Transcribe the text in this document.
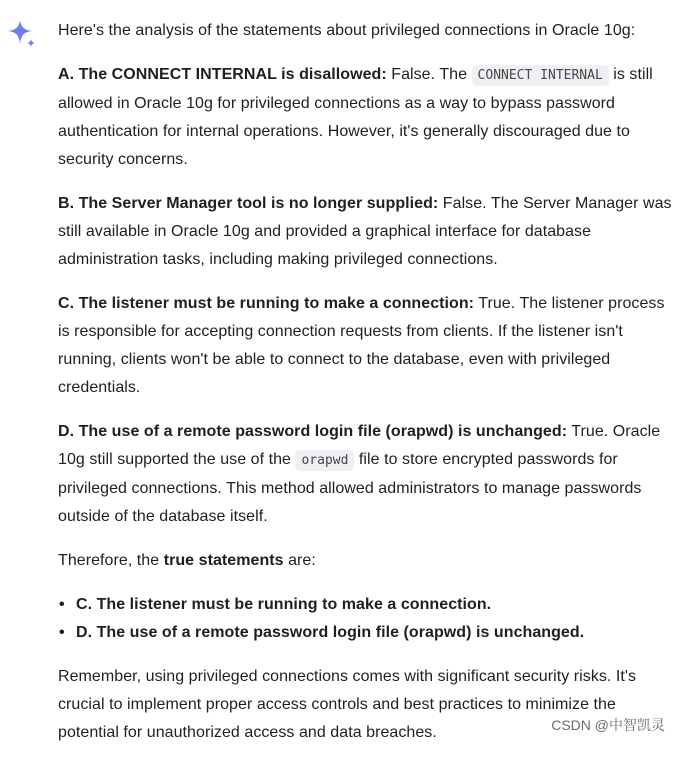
Here's the analysis of the statements about privileged connections in Oracle 10g:

A. The CONNECT INTERNAL is disallowed: False. The CONNECT INTERNAL is still allowed in Oracle 10g for privileged connections as a way to bypass password authentication for internal operations. However, it's generally discouraged due to security concerns.

B. The Server Manager tool is no longer supplied: False. The Server Manager was still available in Oracle 10g and provided a graphical interface for database administration tasks, including making privileged connections.

C. The listener must be running to make a connection: True. The listener process is responsible for accepting connection requests from clients. If the listener isn't running, clients won't be able to connect to the database, even with privileged credentials.

D. The use of a remote password login file (orapwd) is unchanged: True. Oracle 10g still supported the use of the orapwd file to store encrypted passwords for privileged connections. This method allowed administrators to manage passwords outside of the database itself.

Therefore, the true statements are:

• C. The listener must be running to make a connection.
• D. The use of a remote password login file (orapwd) is unchanged.

Remember, using privileged connections comes with significant security risks. It's crucial to implement proper access controls and best practices to minimize the potential for unauthorized access and data breaches.	CSDN @中智凯灵
